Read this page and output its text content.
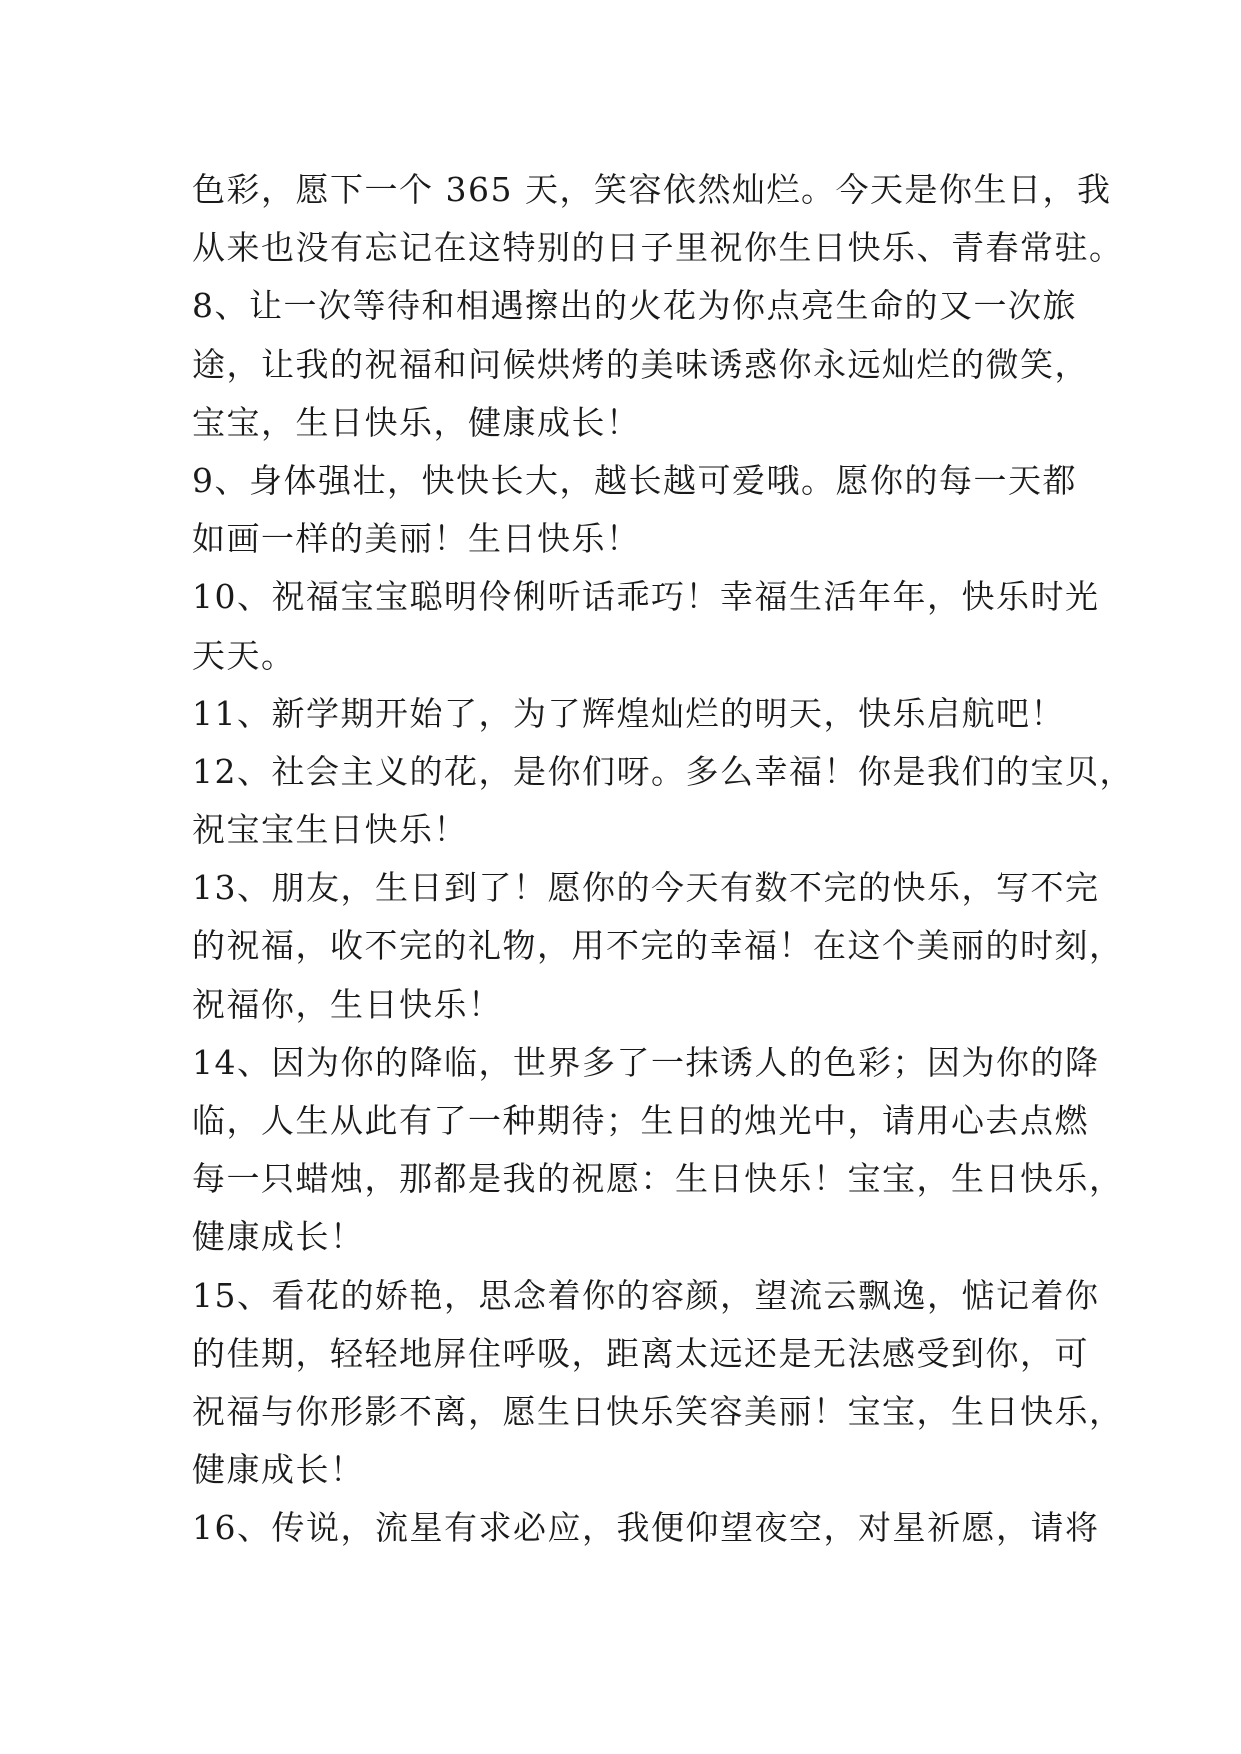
色彩，愿下一个 365 天，笑容依然灿烂。今天是你生日，我
从来也没有忘记在这特别的日子里祝你生日快乐、青春常驻。
8、让一次等待和相遇擦出的火花为你点亮生命的又一次旅
途，让我的祝福和问候烘烤的美味诱惑你永远灿烂的微笑，
宝宝，生日快乐，健康成长！
9、身体强壮，快快长大，越长越可爱哦。愿你的每一天都
如画一样的美丽！生日快乐！
10、祝福宝宝聪明伶俐听话乖巧！幸福生活年年，快乐时光
天天。
11、新学期开始了，为了辉煌灿烂的明天，快乐启航吧！
12、社会主义的花，是你们呀。多么幸福！你是我们的宝贝，
祝宝宝生日快乐！
13、朋友，生日到了！愿你的今天有数不完的快乐，写不完
的祝福，收不完的礼物，用不完的幸福！在这个美丽的时刻，
祝福你，生日快乐！
14、因为你的降临，世界多了一抹诱人的色彩；因为你的降
临，人生从此有了一种期待；生日的烛光中，请用心去点燃
每一只蜡烛，那都是我的祝愿：生日快乐！宝宝，生日快乐，
健康成长！
15、看花的娇艳，思念着你的容颜，望流云飘逸，惦记着你
的佳期，轻轻地屏住呼吸，距离太远还是无法感受到你，可
祝福与你形影不离，愿生日快乐笑容美丽！宝宝，生日快乐，
健康成长！
16、传说，流星有求必应，我便仰望夜空，对星祈愿，请将
